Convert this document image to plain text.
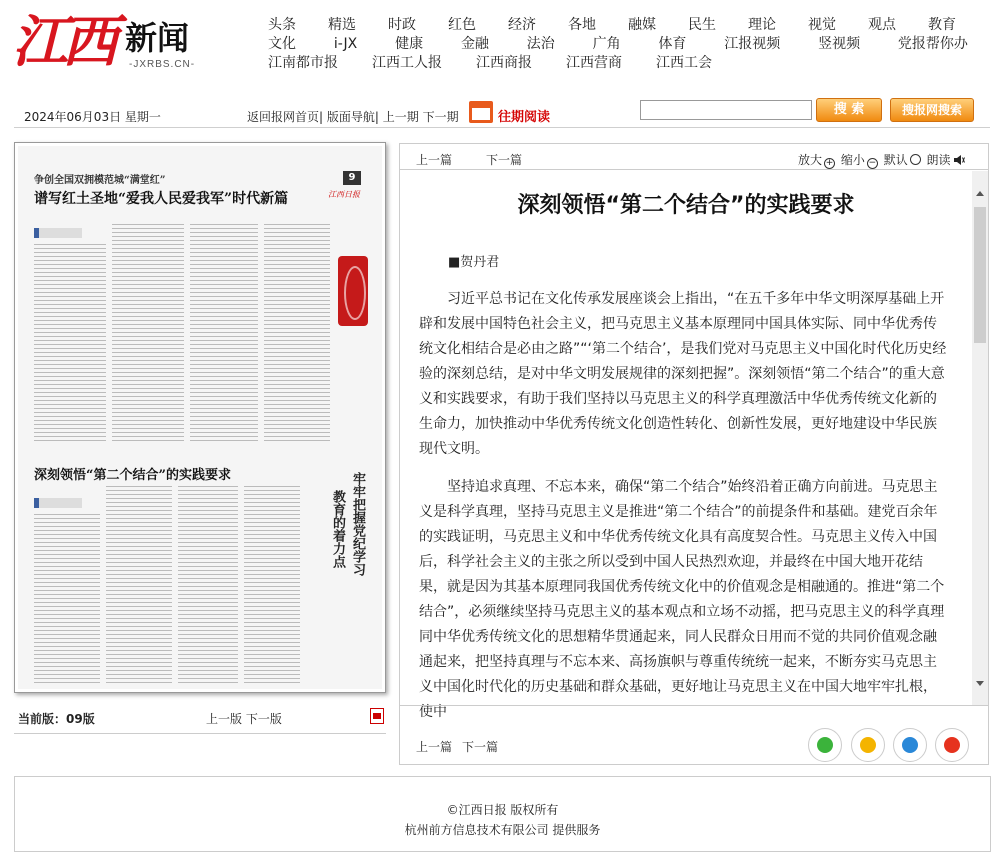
江西 新闻
-JXRBS.CN-
头条	精选	时政	红色	经济	各地	融媒	民生	理论	视觉	观点	教育
文化	i-JX	健康	金融	法治	广角	体育	江报视频	竖视频	党报帮你办
江南都市报 江西工人报 江西商报 江西营商 江西工会
2024年06月03日 星期一	返回报网首页| 版面导航| 上一期 下一期	往期阅读
搜 索	搜报网搜索
争创全国双拥模范城“满堂红”
谱写红土圣地“爱我人民爱我军”时代新篇
9
江西日报
深刻领悟“第二个结合”的实践要求	牢牢把握党纪学习
教育的着力点
当前版：09版	上一版 下一版
上一篇	下一篇	放大 + 缩小 − 默认 朗读
深刻领悟“第二个结合”的实践要求
■贺丹君

习近平总书记在文化传承发展座谈会上指出，“在五千多年中华文明深厚基础上开辟和发展中国特色社会主义，把马克思主义基本原理同中国具体实际、同中华优秀传统文化相结合是必由之路”“‘第二个结合’，是我们党对马克思主义中国化时代化历史经验的深刻总结，是对中华文明发展规律的深刻把握”。深刻领悟“第二个结合”的重大意义和实践要求，有助于我们坚持以马克思主义的科学真理激活中华优秀传统文化新的生命力，加快推动中华优秀传统文化创造性转化、创新性发展，更好地建设中华民族现代文明。

坚持追求真理、不忘本来，确保“第二个结合”始终沿着正确方向前进。马克思主义是科学真理，坚持马克思主义是推进“第二个结合”的前提条件和基础。建党百余年的实践证明，马克思主义和中华优秀传统文化具有高度契合性。马克思主义传入中国后，科学社会主义的主张之所以受到中国人民热烈欢迎，并最终在中国大地开花结果，就是因为其基本原理同我国优秀传统文化中的价值观念是相融通的。推进“第二个结合”，必须继续坚持马克思主义的基本观点和立场不动摇，把马克思主义的科学真理同中华优秀传统文化的思想精华贯通起来，同人民群众日用而不觉的共同价值观念融通起来，把坚持真理与不忘本来、高扬旗帜与尊重传统统一起来，不断夯实马克思主义中国化时代化的历史基础和群众基础，更好地让马克思主义在中国大地牢牢扎根，使中

上一篇 下一篇
©江西日报 版权所有
杭州前方信息技术有限公司 提供服务
